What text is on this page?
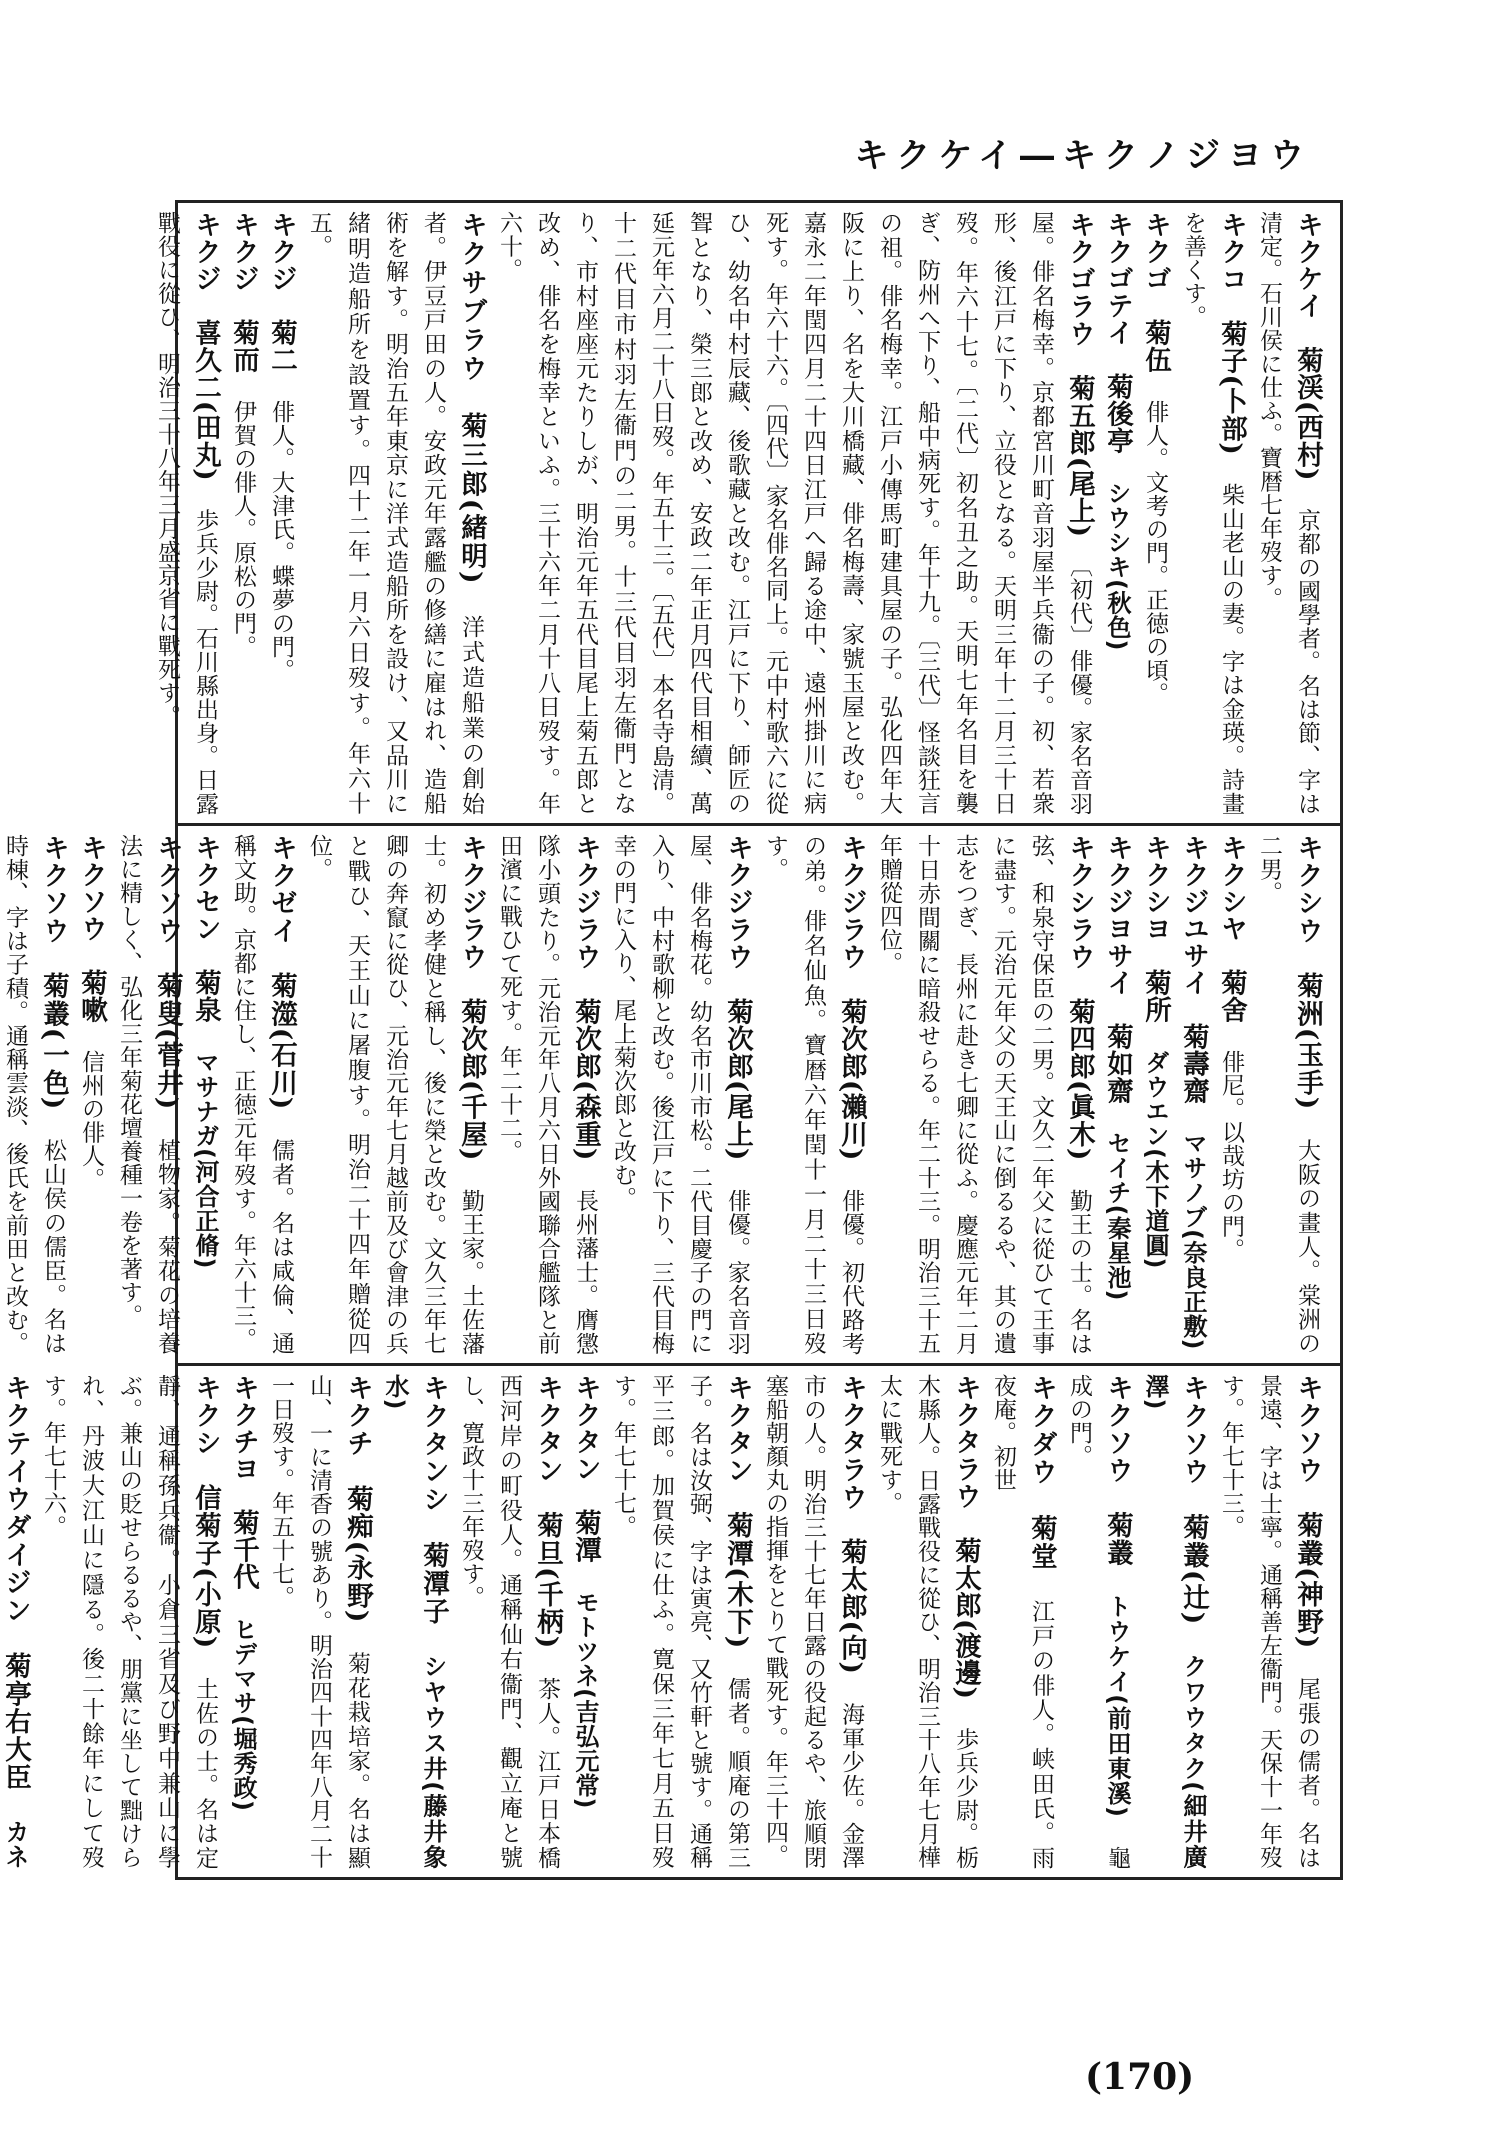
キクケイ―キクノジヨウ
キクケイ　菊渓(西村)　京都の國學者。名は節、字は清定。石川侯に仕ふ。寶暦七年歿す。
キクコ　菊子(卜部)　柴山老山の妻。字は金瑛。詩畫を善くす。
キクゴ　菊伍　俳人。文考の門。正徳の頃。
キクゴテイ　菊後亭　シウシキ(秋色)
キクゴラウ　菊五郎(尾上)　〔初代〕俳優。家名音羽屋。俳名梅幸。京都宮川町音羽屋半兵衞の子。初、若衆形、後江戸に下り、立役となる。天明三年十二月三十日歿。年六十七。〔二代〕初名丑之助。天明七年名目を襲ぎ、防州へ下り、船中病死す。年十九。〔三代〕怪談狂言の祖。俳名梅幸。江戸小傳馬町建具屋の子。弘化四年大阪に上り、名を大川橋藏、俳名梅壽、家號玉屋と改む。嘉永二年閏四月二十四日江戸へ歸る途中、遠州掛川に病死す。年六十六。〔四代〕家名俳名同上。元中村歌六に從ひ、幼名中村辰藏、後歌藏と改む。江戸に下り、師匠の聟となり、榮三郎と改め、安政二年正月四代目相續、萬延元年六月二十八日歿。年五十三。〔五代〕本名寺島清。十二代目市村羽左衞門の二男。十三代目羽左衞門となり、市村座座元たりしが、明治元年五代目尾上菊五郎と改め、俳名を梅幸といふ。三十六年二月十八日歿す。年六十。
キクサブラウ　菊三郎(緒明)　洋式造船業の創始者。伊豆戸田の人。安政元年露艦の修繕に雇はれ、造船術を解す。明治五年東京に洋式造船所を設け、又品川に緒明造船所を設置す。四十二年一月六日歿す。年六十五。
キクジ　菊二　俳人。大津氏。蝶夢の門。
キクジ　菊而　伊賀の俳人。原松の門。
キクジ　喜久二(田丸)　歩兵少尉。石川縣出身。日露戰役に從ひ、明治三十八年三月盛京省に戰死す。
キクシウ　菊洲(玉手)　大阪の畫人。棠洲の二男。
キクシヤ　菊舍　俳尼。以哉坊の門。
キクジユサイ　菊壽齋　マサノブ(奈良正敷)
キクシヨ　菊所　ダウエン(木下道圓)
キクジヨサイ　菊如齋　セイチ(秦星池)
キクシラウ　菊四郎(眞木)　勤王の士。名は弦、和泉守保臣の二男。文久二年父に從ひて王事に盡す。元治元年父の天王山に倒るるや、其の遺志をつぎ、長州に赴き七卿に從ふ。慶應元年二月十日赤間關に暗殺せらる。年二十三。明治三十五年贈從四位。
キクジラウ　菊次郎(瀨川)　俳優。初代路考の弟。俳名仙魚。寶暦六年閏十一月二十三日歿す。
キクジラウ　菊次郎(尾上)　俳優。家名音羽屋、俳名梅花。幼名市川市松。二代目慶子の門に入り、中村歌柳と改む。後江戸に下り、三代目梅幸の門に入り、尾上菊次郎と改む。
キクジラウ　菊次郎(森重)　長州藩士。膺懲隊小頭たり。元治元年八月六日外國聯合艦隊と前田濱に戰ひて死す。年二十二。
キクジラウ　菊次郎(千屋)　勤王家。土佐藩士。初め孝健と稱し、後に榮と改む。文久三年七卿の奔竄に從ひ、元治元年七月越前及び會津の兵と戰ひ、天王山に屠腹す。明治二十四年贈從四位。
キクゼイ　菊澨(石川)　儒者。名は咸倫、通稱文助。京都に住し、正徳元年歿す。年六十三。
キクセン　菊泉　マサナガ(河合正脩)
キクソウ　菊叟(菅井)　植物家。菊花の培養法に精しく、弘化三年菊花壇養種一卷を著す。
キクソウ　菊嗽　信州の俳人。
キクソウ　菊叢(一色)　松山侯の儒臣。名は時棟、字は子積。通稱雲淡、後氏を前田と改む。
キクソウ　菊叢(神野)　尾張の儒者。名は景遠、字は士寧。通稱善左衞門。天保十一年歿す。年七十三。
キクソウ　菊叢(辻)　クワウタク(細井廣澤)
キクソウ　菊叢　トウケイ(前田東溪)　龜成の門。
キクダウ　菊堂　江戸の俳人。峡田氏。雨夜庵。初世
キクタラウ　菊太郎(渡邊)　歩兵少尉。栃木縣人。日露戰役に從ひ、明治三十八年七月樺太に戰死す。
キクタラウ　菊太郎(向)　海軍少佐。金澤市の人。明治三十七年日露の役起るや、旅順閉塞船朝顏丸の指揮をとりて戰死す。年三十四。
キクタン　菊潭(木下)　儒者。順庵の第三子。名は汝弼、字は寅亮、又竹軒と號す。通稱平三郎。加賀侯に仕ふ。寛保三年七月五日歿す。年七十七。
キクタン　菊潭　モトツネ(吉弘元常)
キクタン　菊旦(千柄)　茶人。江戸日本橋西河岸の町役人。通稱仙右衞門、觀立庵と號し、寛政十三年歿す。
キクタンシ　菊潭子　シヤウス井(藤井象水)
キクチ　菊痴(永野)　菊花栽培家。名は顯山、一に清香の號あり。明治四十四年八月二十一日歿す。年五十七。
キクチヨ　菊千代　ヒデマサ(堀秀政)
キクシ　信菊子(小原)　土佐の士。名は定靜、通稱孫兵衞。小倉三省及び野中兼山に學ぶ。兼山の貶せらるるや、朋黨に坐して黜けられ、丹波大江山に隱る。後二十餘年にして歿す。年七十六。
キクテイウダイジン　菊亭右大臣　カネ

(170)
